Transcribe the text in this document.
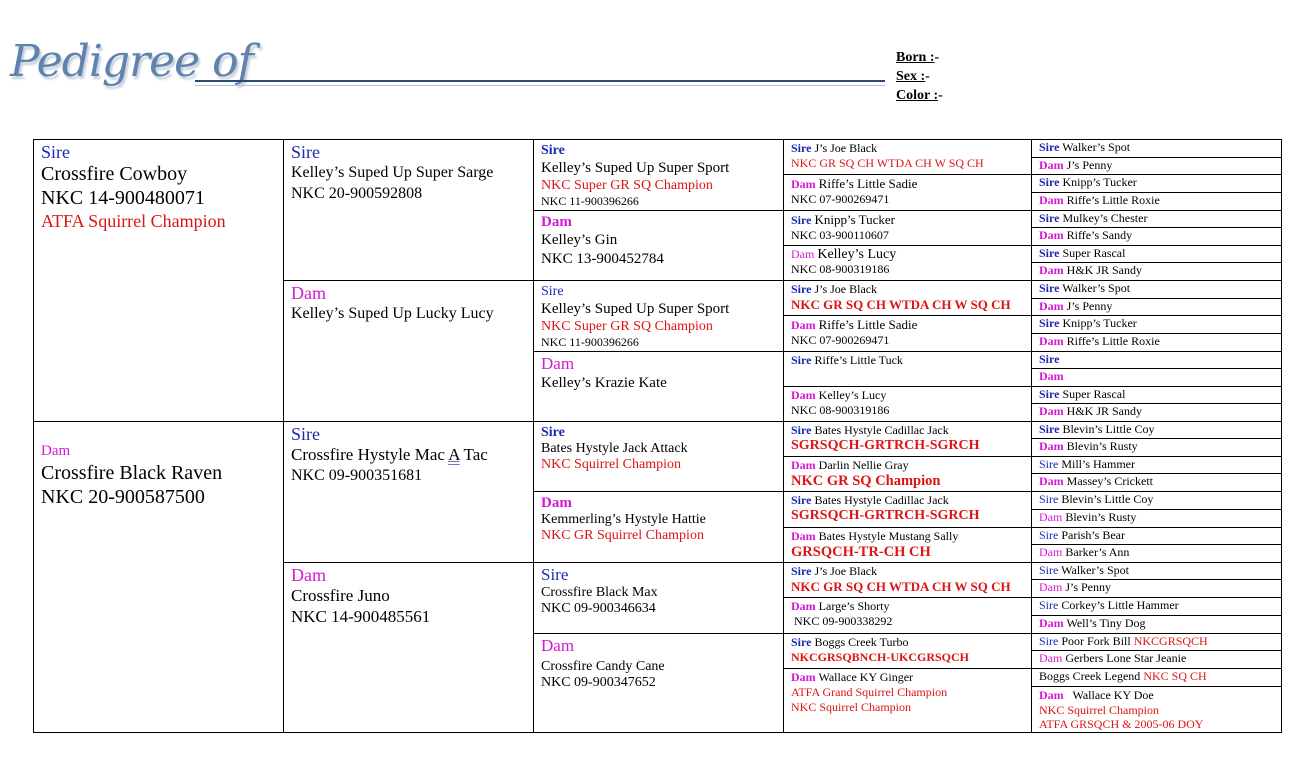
Pedigree of	Born :-
Sex :-
Color :-
Sire
Crossfire Cowboy
NKC 14-900480071
ATFA Squirrel Champion
Dam
Crossfire Black Raven
NKC 20-900587500
Sire
Kelley’s Suped Up Super Sarge
NKC 20-900592808
Dam
Kelley’s Suped Up Lucky Lucy
Sire
Crossfire Hystyle Mac A Tac
NKC 09-900351681
Dam
Crossfire Juno
NKC 14-900485561
Sire
Kelley’s Suped Up Super Sport
NKC Super GR SQ Champion
NKC 11-900396266
Dam
Kelley’s Gin
NKC 13-900452784
Sire
Kelley’s Suped Up Super Sport
NKC Super GR SQ Champion
NKC 11-900396266
Dam
Kelley’s Krazie Kate
Sire
Bates Hystyle Jack Attack
NKC Squirrel Champion
Dam
Kemmerling’s Hystyle Hattie
NKC GR Squirrel Champion
Sire
Crossfire Black Max
NKC 09-900346634
Dam
Crossfire Candy Cane
NKC 09-900347652
Sire J’s Joe Black
NKC GR SQ CH WTDA CH W SQ CH
Dam Riffe’s Little Sadie
NKC 07-900269471
Sire Knipp’s Tucker
NKC 03-900110607
Dam Kelley’s Lucy
NKC 08-900319186
Sire J’s Joe Black
NKC GR SQ CH WTDA CH W SQ CH
Dam Riffe’s Little Sadie
NKC 07-900269471
Sire Riffe’s Little Tuck
Dam Kelley’s Lucy
NKC 08-900319186
Sire Bates Hystyle Cadillac Jack
SGRSQCH-GRTRCH-SGRCH
Dam Darlin Nellie Gray
NKC GR SQ Champion
Sire Bates Hystyle Cadillac Jack
SGRSQCH-GRTRCH-SGRCH
Dam Bates Hystyle Mustang Sally
GRSQCH-TR-CH CH
Sire J’s Joe Black
NKC GR SQ CH WTDA CH W SQ CH
Dam Large’s Shorty
NKC 09-900338292
Sire Boggs Creek Turbo
NKCGRSQBNCH-UKCGRSQCH
Dam Wallace KY Ginger
ATFA Grand Squirrel Champion
NKC Squirrel Champion
Sire Walker’s Spot
Dam J’s Penny
Sire Knipp’s Tucker
Dam Riffe’s Little Roxie
Sire Mulkey’s Chester
Dam Riffe’s Sandy
Sire Super Rascal
Dam H&K JR Sandy
Sire Walker’s Spot
Dam J’s Penny
Sire Knipp’s Tucker
Dam Riffe’s Little Roxie
Sire
Dam
Sire Super Rascal
Dam H&K JR Sandy
Sire Blevin’s Little Coy
Dam Blevin’s Rusty
Sire Mill’s Hammer
Dam Massey’s Crickett
Sire Blevin’s Little Coy
Dam Blevin’s Rusty
Sire Parish’s Bear
Dam Barker’s Ann
Sire Walker’s Spot
Dam J’s Penny
Sire Corkey’s Little Hammer
Dam Well’s Tiny Dog
Sire Poor Fork Bill NKCGRSQCH
Dam Gerbers Lone Star Jeanie
Boggs Creek Legend NKC SQ CH
Dam Wallace KY Doe
NKC Squirrel Champion
ATFA GRSQCH & 2005-06 DOY
